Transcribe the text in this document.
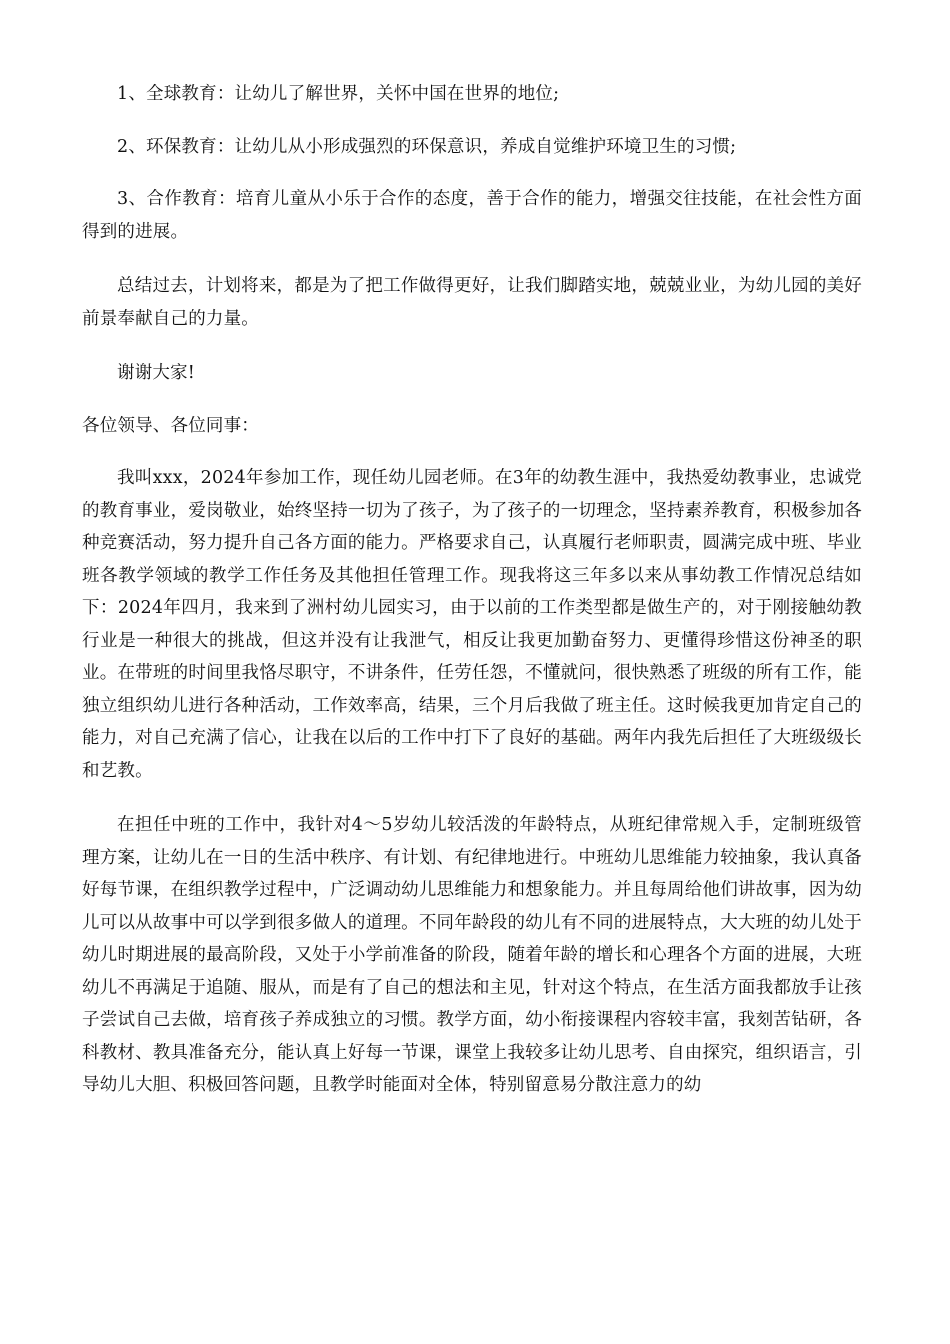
1、全球教育：让幼儿了解世界，关怀中国在世界的地位;

2、环保教育：让幼儿从小形成强烈的环保意识，养成自觉维护环境卫生的习惯;

3、合作教育：培育儿童从小乐于合作的态度，善于合作的能力，增强交往技能，在社会性方面得到的进展。

总结过去，计划将来，都是为了把工作做得更好，让我们脚踏实地，兢兢业业，为幼儿园的美好前景奉献自己的力量。

谢谢大家!

各位领导、各位同事：

我叫xxx，2024年参加工作，现任幼儿园老师。在3年的幼教生涯中，我热爱幼教事业，忠诚党的教育事业，爱岗敬业，始终坚持一切为了孩子，为了孩子的一切理念，坚持素养教育，积极参加各种竞赛活动，努力提升自己各方面的能力。严格要求自己，认真履行老师职责，圆满完成中班、毕业班各教学领域的教学工作任务及其他担任管理工作。现我将这三年多以来从事幼教工作情况总结如下：2024年四月，我来到了洲村幼儿园实习，由于以前的工作类型都是做生产的，对于刚接触幼教行业是一种很大的挑战，但这并没有让我泄气，相反让我更加勤奋努力、更懂得珍惜这份神圣的职业。在带班的时间里我恪尽职守，不讲条件，任劳任怨，不懂就问，很快熟悉了班级的所有工作，能独立组织幼儿进行各种活动，工作效率高，结果，三个月后我做了班主任。这时候我更加肯定自己的能力，对自己充满了信心，让我在以后的工作中打下了良好的基础。两年内我先后担任了大班级级长和艺教。

在担任中班的工作中，我针对4～5岁幼儿较活泼的年龄特点，从班纪律常规入手，定制班级管理方案，让幼儿在一日的生活中秩序、有计划、有纪律地进行。中班幼儿思维能力较抽象，我认真备好每节课，在组织教学过程中，广泛调动幼儿思维能力和想象能力。并且每周给他们讲故事，因为幼儿可以从故事中可以学到很多做人的道理。不同年龄段的幼儿有不同的进展特点，大大班的幼儿处于幼儿时期进展的最高阶段，又处于小学前准备的阶段，随着年龄的增长和心理各个方面的进展，大班幼儿不再满足于追随、服从，而是有了自己的想法和主见，针对这个特点，在生活方面我都放手让孩子尝试自己去做，培育孩子养成独立的习惯。教学方面，幼小衔接课程内容较丰富，我刻苦钻研，各科教材、教具准备充分，能认真上好每一节课，课堂上我较多让幼儿思考、自由探究，组织语言，引导幼儿大胆、积极回答问题，且教学时能面对全体，特别留意易分散注意力的幼
